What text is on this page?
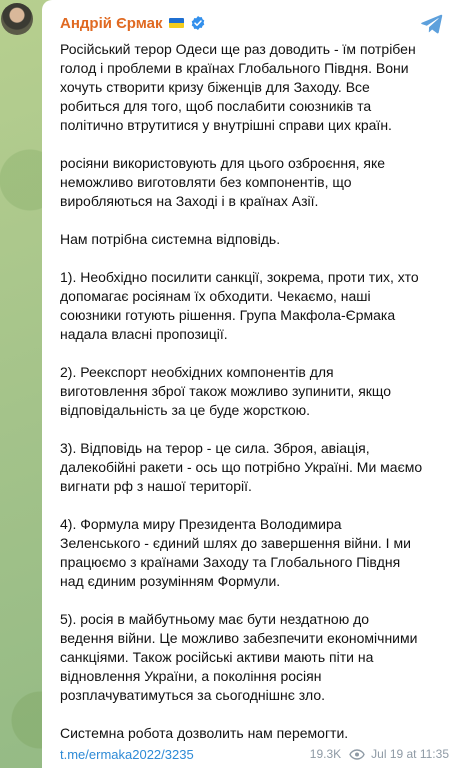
Андрій Єрмак

Російський терор Одеси ще раз доводить - їм потрібен
голод і проблеми в країнах Глобального Півдня. Вони
хочуть створити кризу біженців для Заходу. Все
робиться для того, щоб послабити союзників та
політично втрутитися у внутрішні справи цих країн.

росіяни використовують для цього озброєння, яке
неможливо виготовляти без компонентів, що
виробляються на Заході і в країнах Азії.

Нам потрібна системна відповідь.

1). Необхідно посилити санкції, зокрема, проти тих, хто
допомагає росіянам їх обходити. Чекаємо, наші
союзники готують рішення. Група Макфола-Єрмака
надала власні пропозиції.

2). Реекспорт необхідних компонентів для
виготовлення зброї також можливо зупинити, якщо
відповідальність за це буде жорсткою.

3). Відповідь на терор - це сила. Зброя, авіація,
далекобійні ракети - ось що потрібно Україні. Ми маємо
вигнати рф з нашої території.

4). Формула миру Президента Володимира
Зеленського - єдиний шлях до завершення війни. І ми
працюємо з країнами Заходу та Глобального Півдня
над єдиним розумінням Формули.

5). росія в майбутньому має бути нездатною до
ведення війни. Це можливо забезпечити економічними
санкціями. Також російські активи мають піти на
відновлення України, а покоління росіян
розплачуватимуться за сьогоднішнє зло.

Системна робота дозволить нам перемогти.

t.me/ermaka2022/3235	19.3K	Jul 19 at 11:35
